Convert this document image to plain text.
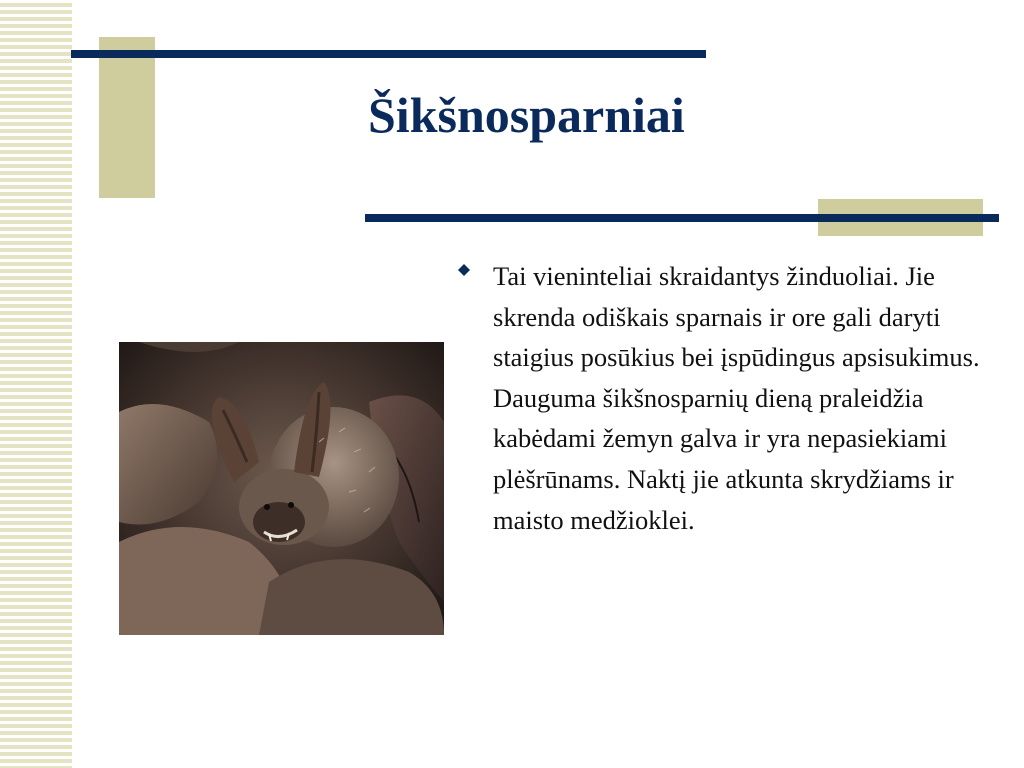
Šikšnosparniai

Tai vieninteliai skraidantys žinduoliai. Jie skrenda odiškais sparnais ir ore gali daryti staigius posūkius bei įspūdingus apsisukimus. Dauguma šikšnosparnių dieną praleidžia kabėdami žemyn galva ir yra nepasiekiami plėšrūnams. Naktį jie atkunta skrydžiams ir maisto medžioklei.
